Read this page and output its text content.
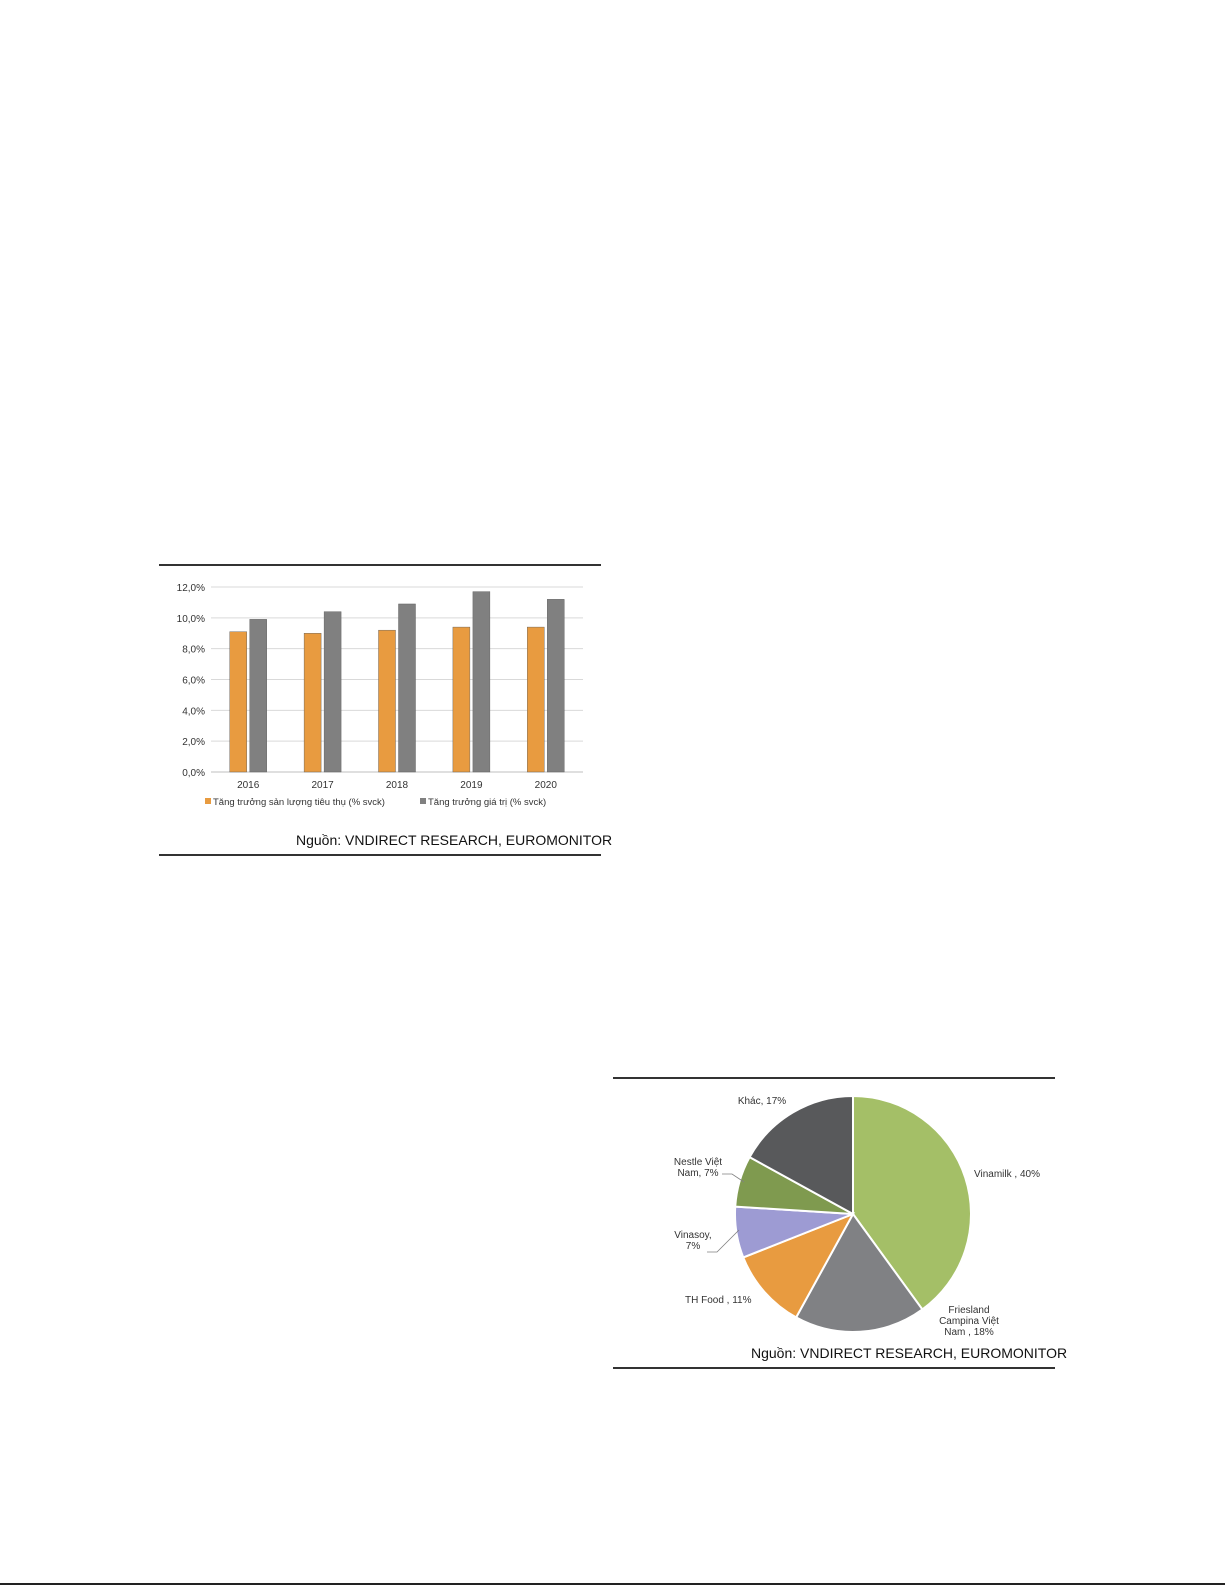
0,0%
2,0%
4,0%
6,0%
8,0%
10,0%
12,0%
2016	2017	2018	2019	2020
Tăng trưởng sản lượng tiêu thụ (% svck)	Tăng trưởng giá trị (% svck)
Nguồn: VNDIRECT RESEARCH, EUROMONITOR
Vinamilk , 40%
Friesland
Campina Việt
Nam , 18%
TH Food , 11%
Vinasoy,
7%
Nestle Việt
Nam, 7%
Khác, 17%
Nguồn: VNDIRECT RESEARCH, EUROMONITOR
